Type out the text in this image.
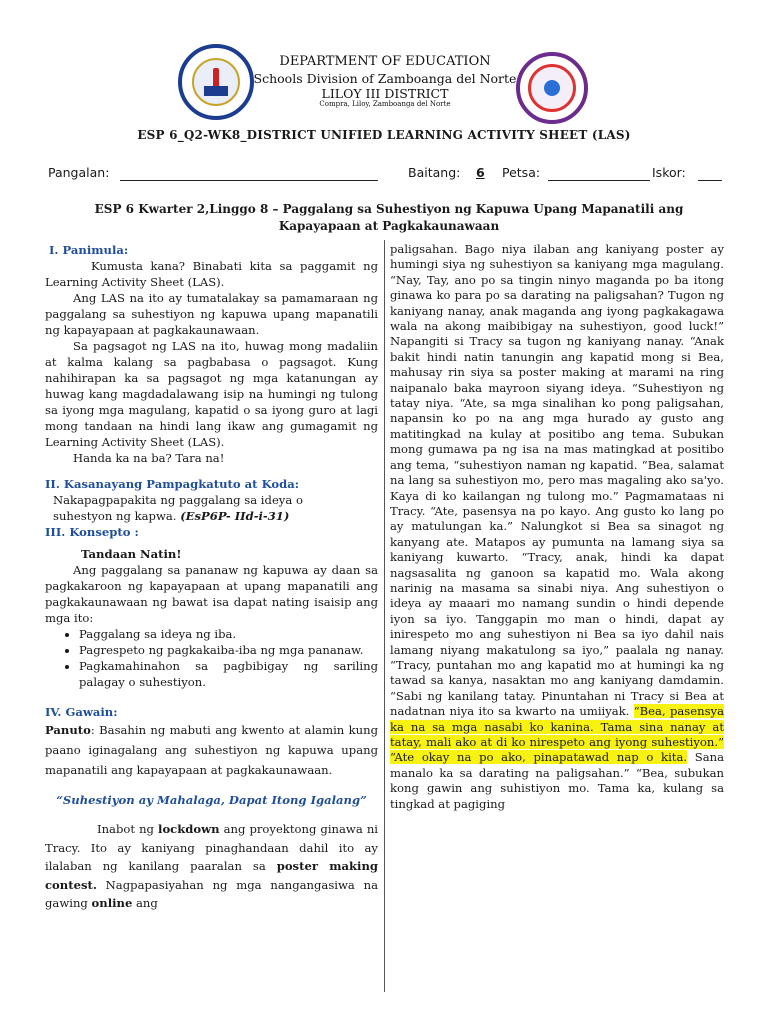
DEPARTMENT OF EDUCATION
Schools Division of Zamboanga del Norte
LILOY III DISTRICT
Compra, Liloy, Zamboanga del Norte
ESP 6_Q2-WK8_DISTRICT UNIFIED LEARNING ACTIVITY SHEET (LAS)
Pangalan:	Baitang: 6 Petsa:	Iskor:
ESP 6 Kwarter 2,Linggo 8 – Paggalang sa Suhestiyon ng Kapuwa Upang Mapanatili ang
Kapayapaan at Pagkakaunawaan
I. Panimula:

Kumusta kana? Binabati kita sa paggamit ng Learning Activity Sheet (LAS).

Ang LAS na ito ay tumatalakay sa pamamaraan ng paggalang sa suhestiyon ng kapuwa upang mapanatili ng kapayapaan at pagkakaunawaan.

Sa pagsagot ng LAS na ito, huwag mong madaliin at kalma kalang sa pagbabasa o pagsagot. Kung nahihirapan ka sa pagsagot ng mga katanungan ay huwag kang magdadalawang isip na humingi ng tulong sa iyong mga magulang, kapatid o sa iyong guro at lagi mong tandaan na hindi lang ikaw ang gumagamit ng Learning Activity Sheet (LAS).

Handa ka na ba? Tara na!

II. Kasanayang Pampagkatuto at Koda:
Nakapagpapakita ng paggalang sa ideya o
suhestyon ng kapwa. (EsP6P- IId-i-31)
III. Konsepto :
Tandaan Natin!

Ang paggalang sa pananaw ng kapuwa ay daan sa pagkakaroon ng kapayapaan at upang mapanatili ang pagkakaunawaan ng bawat isa dapat nating isaisip ang mga ito:

• Paggalang sa ideya ng iba.
• Pagrespeto ng pagkakaiba-iba ng mga pananaw.
• Pagkamahinahon sa pagbibigay ng sariling palagay o suhestiyon.
IV. Gawain:

Panuto: Basahin ng mabuti ang kwento at alamin kung paano iginagalang ang suhestiyon ng kapuwa upang mapanatili ang kapayapaan at pagkakaunawaan.

“Suhestiyon ay Mahalaga, Dapat Itong Igalang”

Inabot ng lockdown ang proyektong ginawa ni Tracy. Ito ay kaniyang pinaghandaan dahil ito ay ilalaban ng kanilang paaralan sa poster making contest. Nagpapasiyahan ng mga nangangasiwa na gawing online ang

paligsahan. Bago niya ilaban ang kaniyang poster ay humingi siya ng suhestiyon sa kaniyang mga magulang. “Nay, Tay, ano po sa tingin ninyo maganda po ba itong ginawa ko para po sa darating na paligsahan? Tugon ng kaniyang nanay, anak maganda ang iyong pagkakagawa wala na akong maibibigay na suhestiyon, good luck!” Napangiti si Tracy sa tugon ng kaniyang nanay. “Anak bakit hindi natin tanungin ang kapatid mong si Bea, mahusay rin siya sa poster making at marami na ring naipanalo baka mayroon siyang ideya. “Suhestiyon ng tatay niya. “Ate, sa mga sinalihan ko pong paligsahan, napansin ko po na ang mga hurado ay gusto ang matitingkad na kulay at positibo ang tema. Subukan mong gumawa pa ng isa na mas matingkad at positibo ang tema, “suhestiyon naman ng kapatid. “Bea, salamat na lang sa suhestiyon mo, pero mas magaling ako sa'yo. Kaya di ko kailangan ng tulong mo.” Pagmamataas ni Tracy. “Ate, pasensya na po kayo. Ang gusto ko lang po ay matulungan ka.” Nalungkot si Bea sa sinagot ng kanyang ate. Matapos ay pumunta na lamang siya sa kaniyang kuwarto. “Tracy, anak, hindi ka dapat nagsasalita ng ganoon sa kapatid mo. Wala akong narinig na masama sa sinabi niya. Ang suhestiyon o ideya ay maaari mo namang sundin o hindi depende iyon sa iyo. Tanggapin mo man o hindi, dapat ay inirespeto mo ang suhestiyon ni Bea sa iyo dahil nais lamang niyang makatulong sa iyo,” paalala ng nanay. “Tracy, puntahan mo ang kapatid mo at humingi ka ng tawad sa kanya, nasaktan mo ang kaniyang damdamin. “Sabi ng kanilang tatay. Pinuntahan ni Tracy si Bea at nadatnan niya ito sa kwarto na umiiyak. “Bea, pasensya ka na sa mga nasabi ko kanina. Tama sina nanay at tatay, mali ako at di ko nirespeto ang iyong suhestiyon.” “Ate okay na po ako, pinapatawad nap o kita. Sana manalo ka sa darating na paligsahan.” “Bea, subukan kong gawin ang suhistiyon mo. Tama ka, kulang sa tingkad at pagiging
